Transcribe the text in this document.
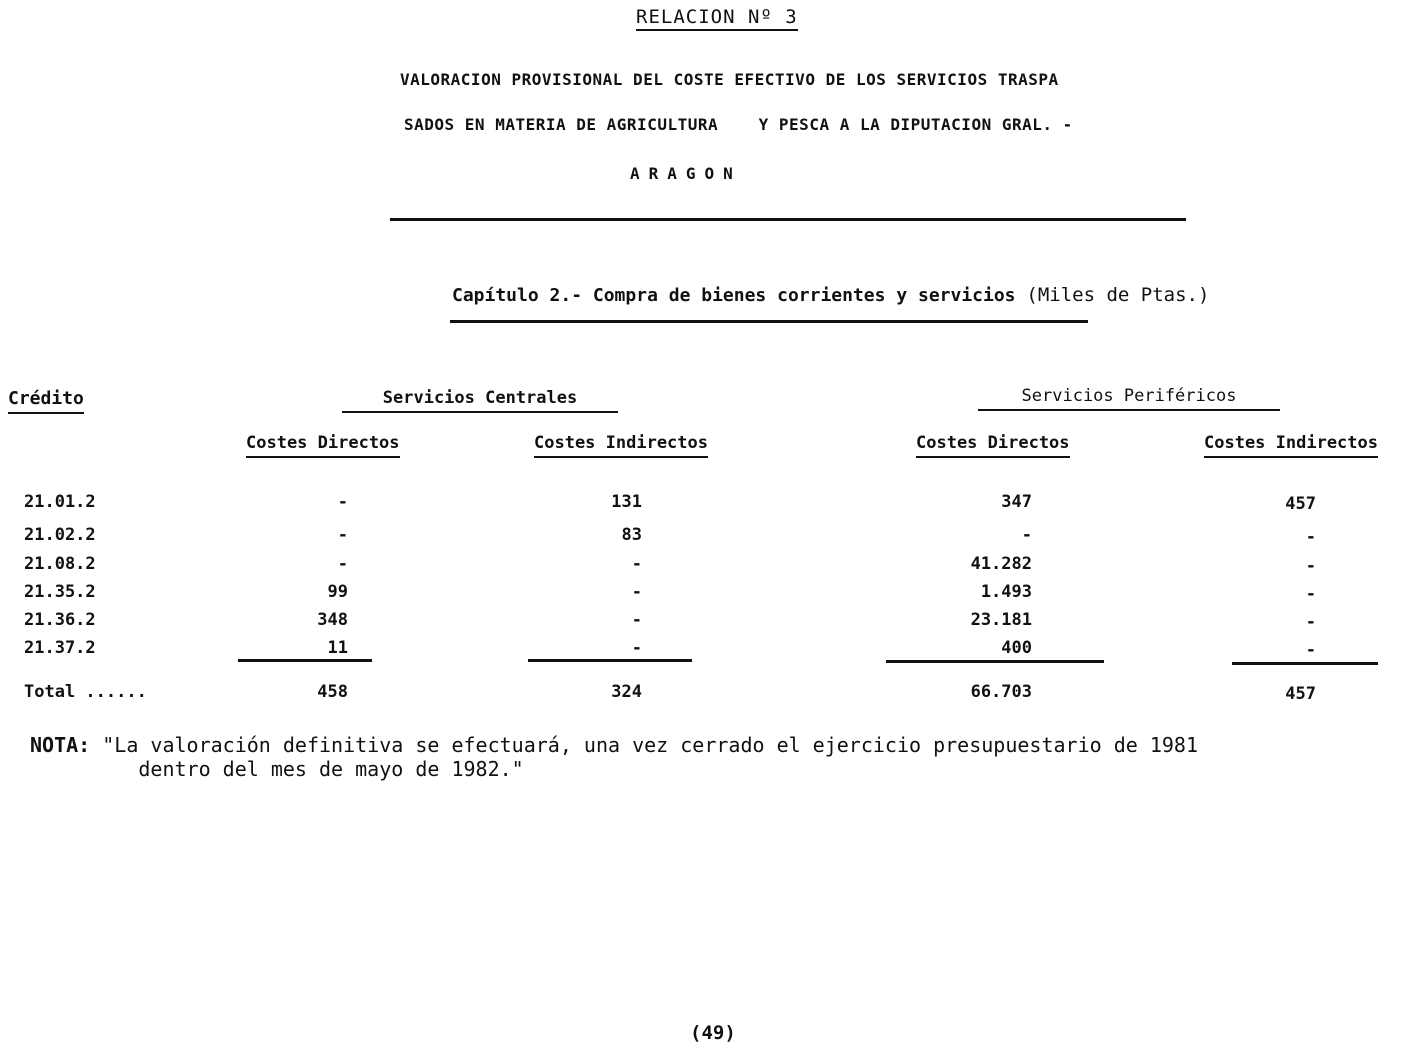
RELACION Nº 3
VALORACION PROVISIONAL DEL COSTE EFECTIVO DE LOS SERVICIOS TRASPA
SADOS EN MATERIA DE AGRICULTURA    Y PESCA A LA DIPUTACION GRAL. -
ARAGON
Capítulo 2.- Compra de bienes corrientes y servicios (Miles de Ptas.)
Crédito	Servicios Centrales	Servicios Periféricos
Costes Directos	Costes Indirectos	Costes Directos	Costes Indirectos
21.01.2	-	131	347	457
21.02.2	-	83	-	-
21.08.2	-	-	41.282	-
21.35.2	99	-	1.493	-
21.36.2	348	-	23.181	-
21.37.2	11	-	400	-
Total ......	458	324	66.703	457
NOTA: "La valoración definitiva se efectuará, una vez cerrado el ejercicio presupuestario de 1981
dentro del mes de mayo de 1982."
(49)
